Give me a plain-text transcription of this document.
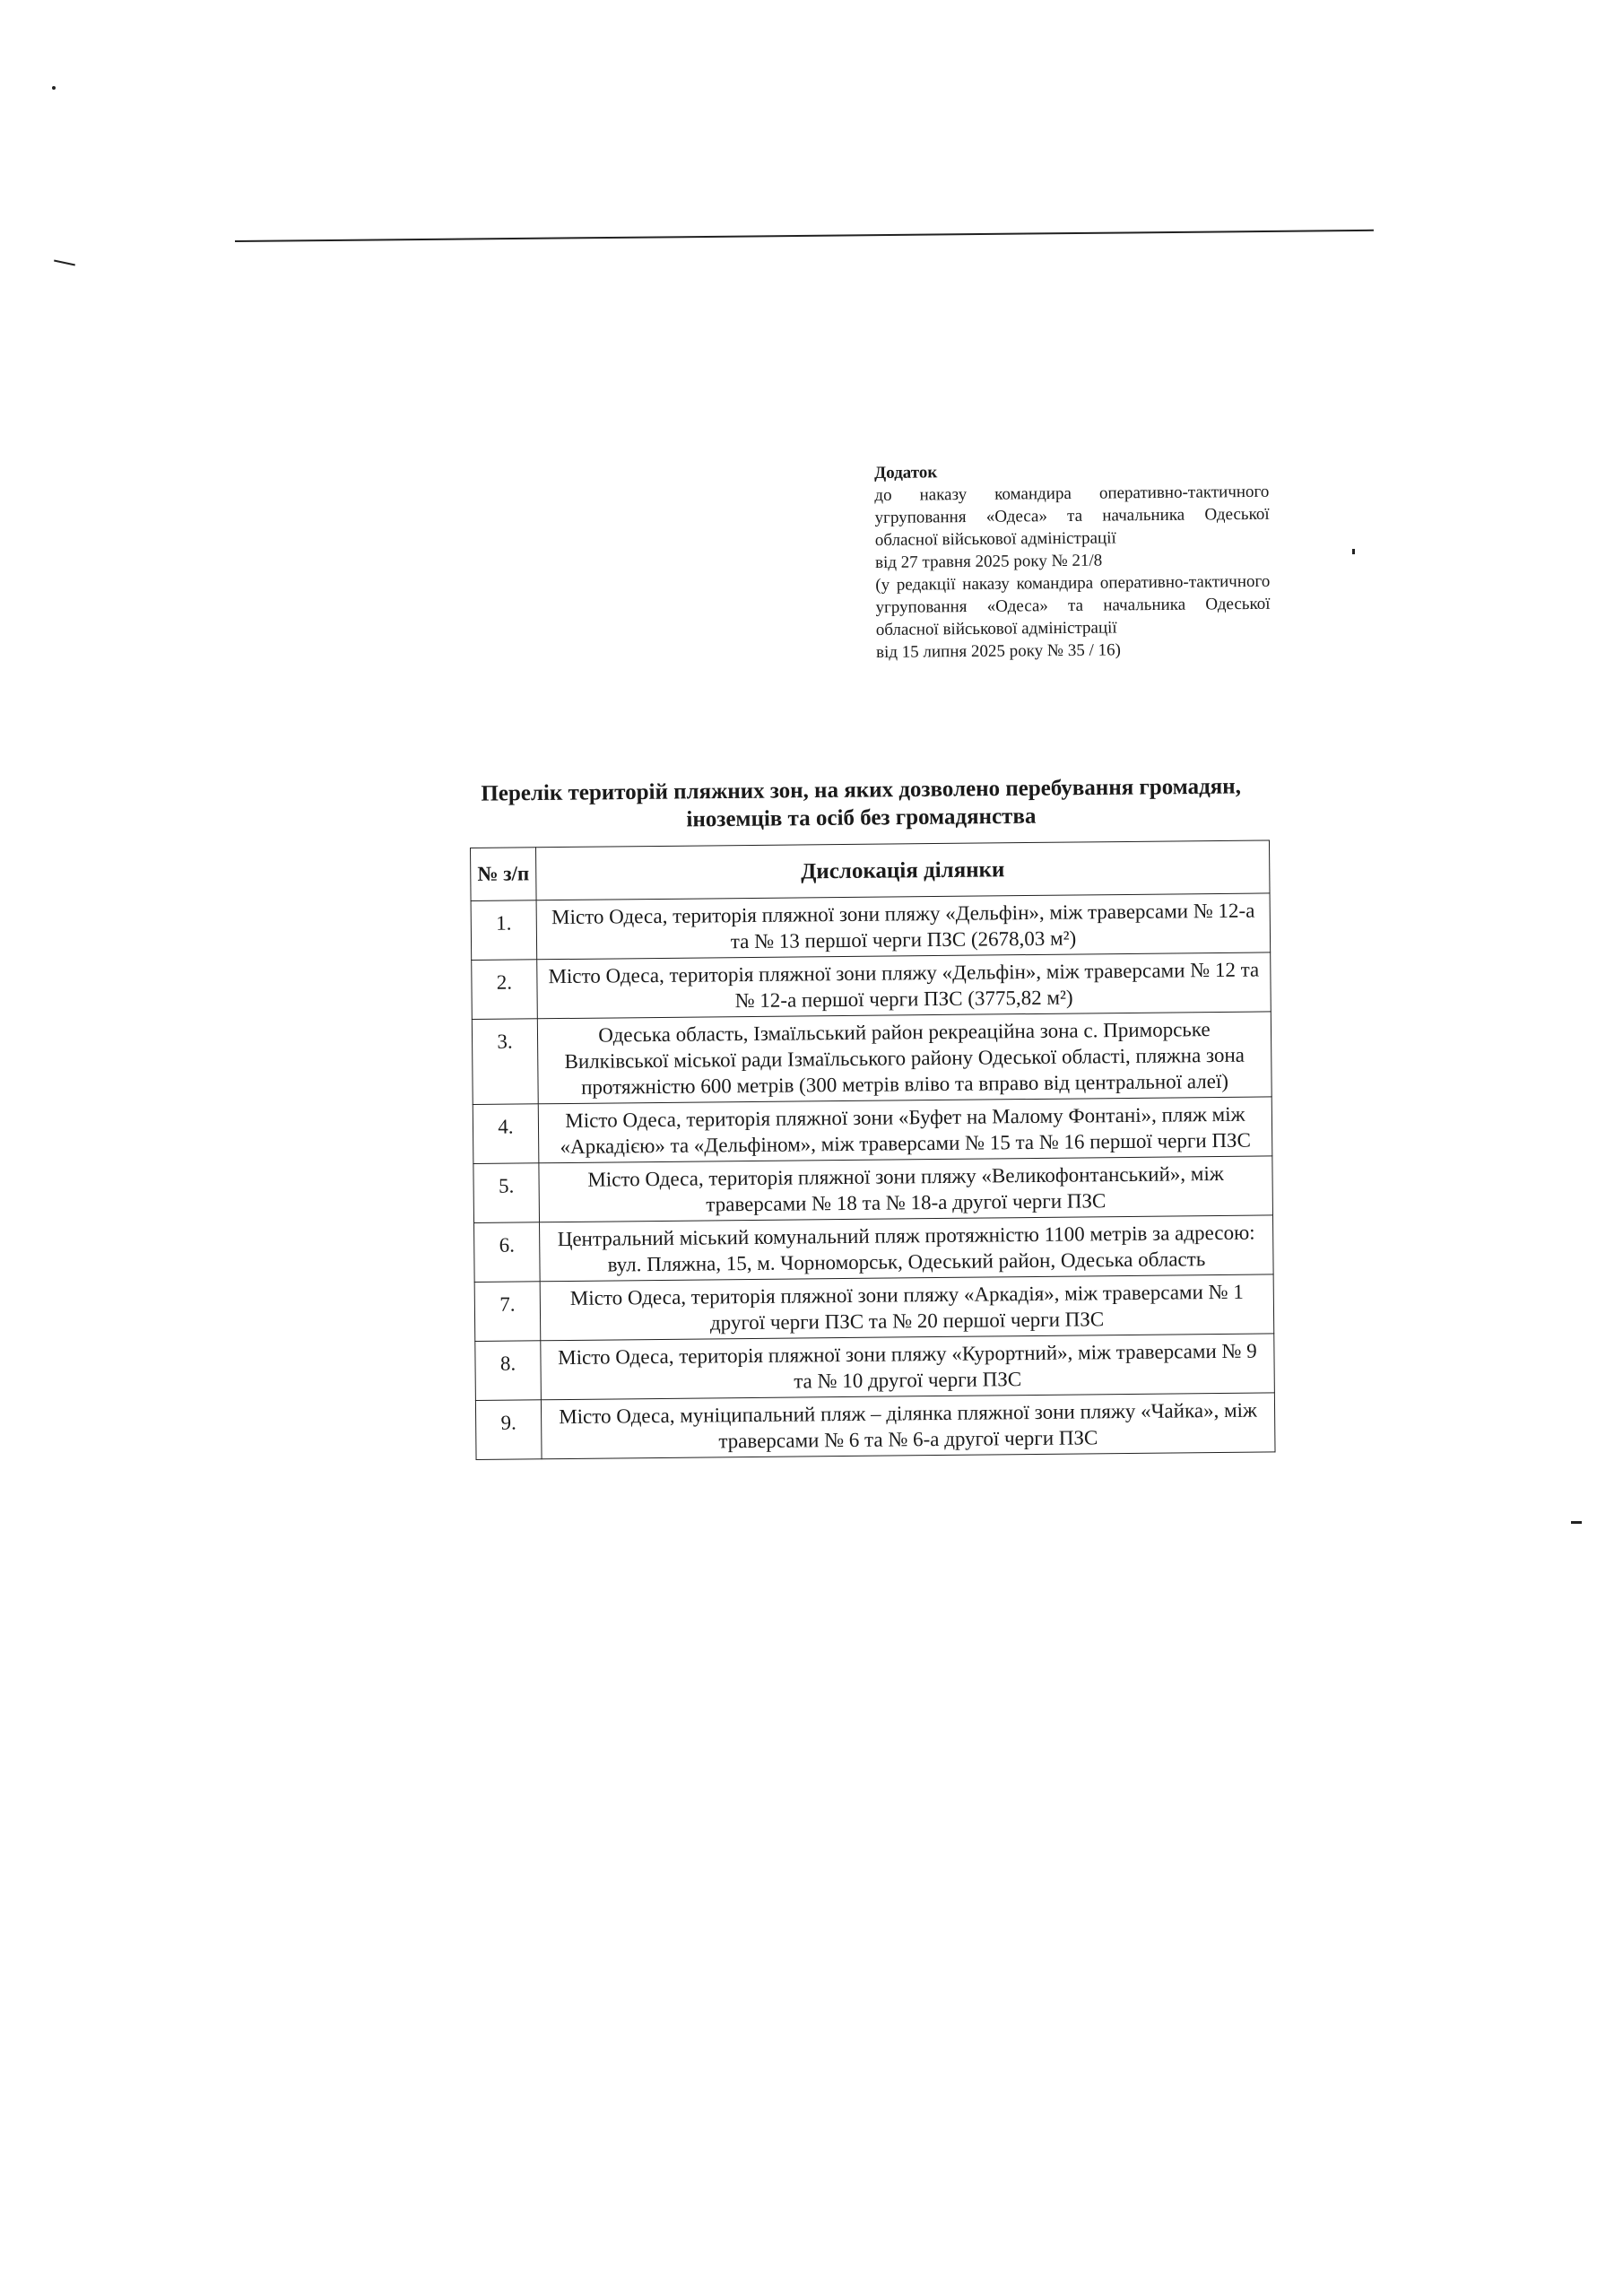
Додаток

до наказу командира оперативно-тактичного угруповання «Одеса» та начальника Одеської обласної військової адміністрації

від 27 травня 2025 року № 21/8

(у редакції наказу командира оперативно-тактичного угруповання «Одеса» та начальника Одеської обласної військової адміністрації

від 15 липня 2025 року № 35 / 16)

Перелік територій пляжних зон, на яких дозволено перебування громадян,

іноземців та осіб без громадянства

№ з/п	Дислокація ділянки
1.	Місто Одеса, територія пляжної зони пляжу «Дельфін», між траверсами № 12-а та № 13 першої черги ПЗС (2678,03 м²)
2.	Місто Одеса, територія пляжної зони пляжу «Дельфін», між траверсами № 12 та № 12-а першої черги ПЗС (3775,82 м²)
3.	Одеська область, Ізмаїльський район рекреаційна зона с. Приморське Вилківської міської ради Ізмаїльського району Одеської області, пляжна зона протяжністю 600 метрів (300 метрів вліво та вправо від центральної алеї)
4.	Місто Одеса, територія пляжної зони «Буфет на Малому Фонтані», пляж між «Аркадією» та «Дельфіном», між траверсами № 15 та № 16 першої черги ПЗС
5.	Місто Одеса, територія пляжної зони пляжу «Великофонтанський», між траверсами № 18 та № 18-а другої черги ПЗС
6.	Центральний міський комунальний пляж протяжністю 1100 метрів за адресою: вул. Пляжна, 15, м. Чорноморськ, Одеський район, Одеська область
7.	Місто Одеса, територія пляжної зони пляжу «Аркадія», між траверсами № 1 другої черги ПЗС та № 20 першої черги ПЗС
8.	Місто Одеса, територія пляжної зони пляжу «Курортний», між траверсами № 9 та № 10 другої черги ПЗС
9.	Місто Одеса, муніципальний пляж – ділянка пляжної зони пляжу «Чайка», між траверсами № 6 та № 6-а другої черги ПЗС
